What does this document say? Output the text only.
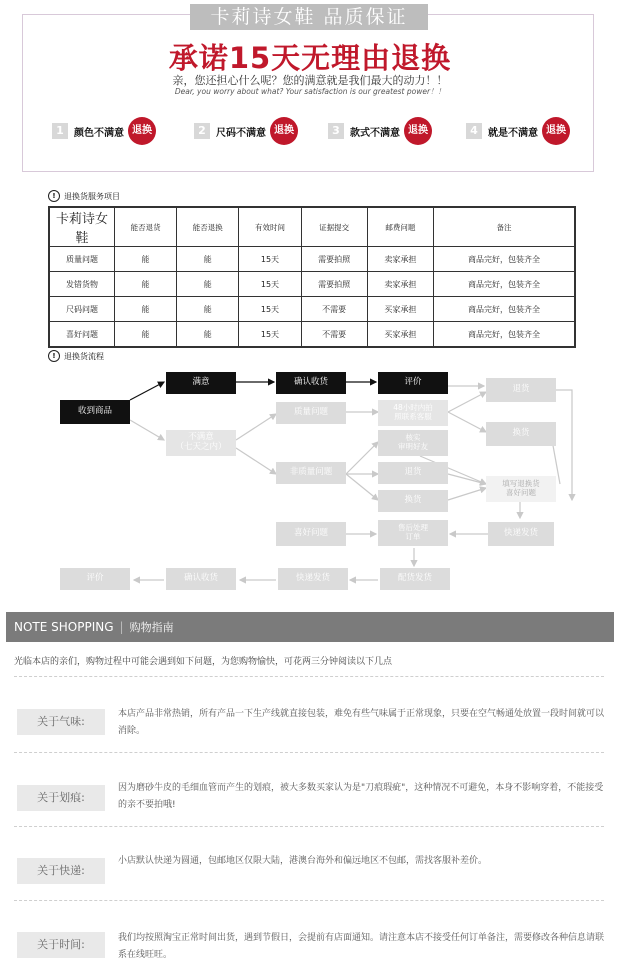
卡莉诗女鞋 品质保证
承诺15天无理由退换
亲，您还担心什么呢？您的满意就是我们最大的动力！！
Dear, you worry about what? Your satisfaction is our greatest power！！
1	颜色不满意 退换	2	尺码不满意 退换	3	款式不满意 退换	4	就是不满意 退换
!	退换货服务项目
卡莉诗女鞋	能否退货	能否退换	有效时间	证据提交	邮费问题	备注
质量问题	能	能	15天	需要拍照	卖家承担	商品完好，包装齐全
发错货物	能	能	15天	需要拍照	卖家承担	商品完好，包装齐全
尺码问题	能	能	15天	不需要	买家承担	商品完好，包装齐全
喜好问题	能	能	15天	不需要	买家承担	商品完好，包装齐全
!	退换货流程
收到商品
满意	确认收货	评价
不满意
（七天之内）
质量问题	48小时内拍
照联系客服
非质量问题
核实
审明好友
退货
换货
退货
换货
填写退换货
喜好问题
喜好问题
售后处理
订单	快递发货
评价	确认收货	快递发货	配货发货
NOTE SHOPPING | 购物指南
光临本店的亲们，购物过程中可能会遇到如下问题，为您购物愉快，可花两三分钟阅读以下几点
关于气味:
本店产品非常热销，所有产品一下生产线就直接包装，难免有些气味属于正常现象，只要在空气畅通处放置一段时间就可以消除。
关于划痕:
因为磨砂牛皮的毛细血管而产生的划痕，被大多数买家认为是"刀痕瑕疵"，这种情况不可避免，本身不影响穿着，不能接受的亲不要拍哦!
关于快递:
小店默认快递为圆通，包邮地区仅限大陆，港澳台海外和偏远地区不包邮，需找客服补差价。
关于时间:	我们均按照淘宝正常时间出货，遇到节假日，会提前有店面通知。请注意本店不接受任何订单备注，需要修改各种信息请联系在线旺旺。
